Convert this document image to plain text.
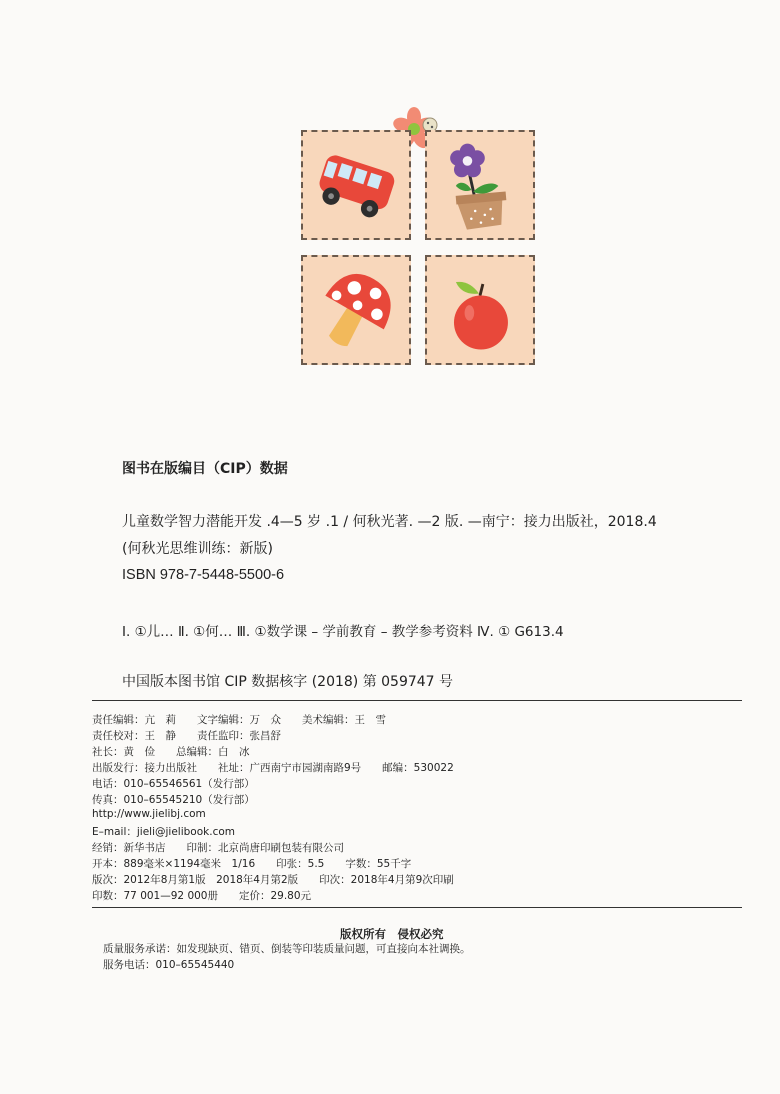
图书在版编目（CIP）数据
儿童数学智力潜能开发 .4—5 岁 .1 / 何秋光著. —2 版. —南宁：接力出版社，2018.4
(何秋光思维训练：新版)
ISBN 978-7-5448-5500-6
Ⅰ. ①儿… Ⅱ. ①何… Ⅲ. ①数学课 – 学前教育 – 教学参考资料 Ⅳ. ① G613.4
中国版本图书馆 CIP 数据核字 (2018) 第 059747 号
责任编辑：亢　莉　　文字编辑：万　众　　美术编辑：王　雪
责任校对：王　静　　责任监印：张昌舒
社长：黄　俭　　总编辑：白　冰
出版发行：接力出版社　　社址：广西南宁市园湖南路9号　　邮编：530022
电话：010–65546561（发行部）
传真：010–65545210（发行部）
http://www.jielibj.com
E–mail：jieli@jielibook.com
经销：新华书店　　印制：北京尚唐印刷包装有限公司
开本：889毫米×1194毫米　1/16　　印张：5.5　　字数：55千字
版次：2012年8月第1版　2018年4月第2版　　印次：2018年4月第9次印刷
印数：77 001—92 000册　　定价：29.80元
版权所有　侵权必究
质量服务承诺：如发现缺页、错页、倒装等印装质量问题，可直接向本社调换。
服务电话：010–65545440
